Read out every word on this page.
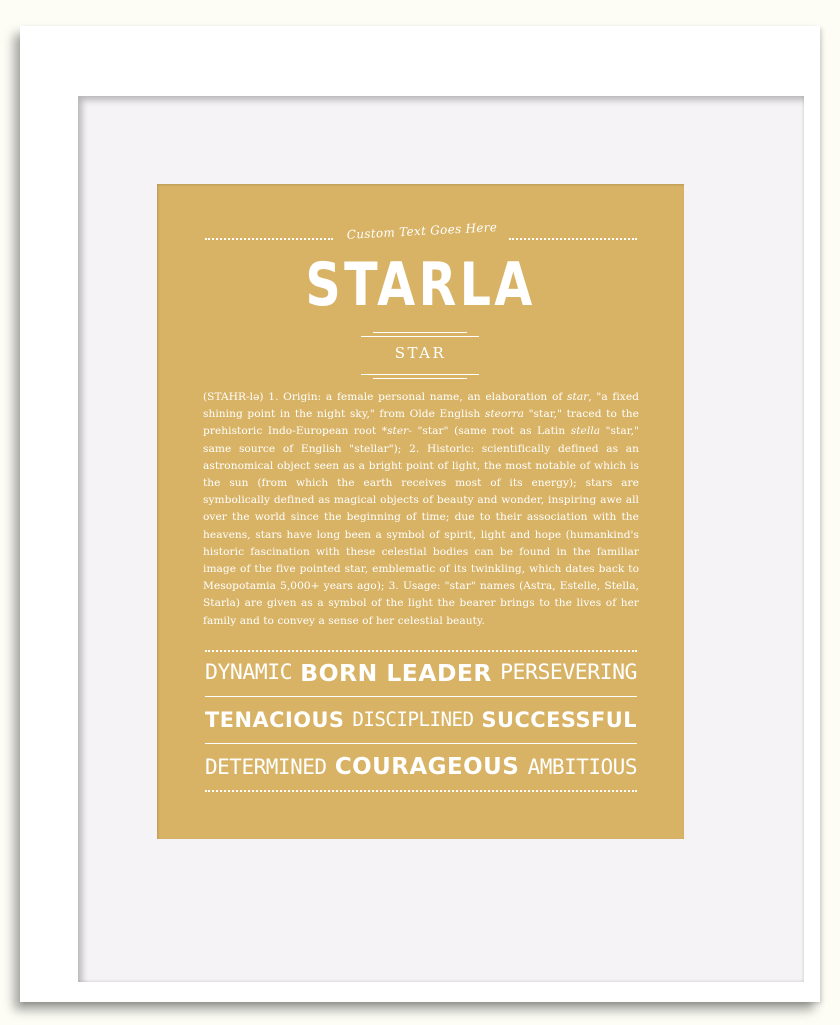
Custom Text Goes Here
STARLA
STAR
(STAHR-lə) 1. Origin: a female personal name, an elaboration of star, "a fixed shining point in the night sky," from Olde English steorra "star," traced to the prehistoric Indo-European root *ster- "star" (same root as Latin stella "star," same source of English "stellar"); 2. Historic: scientifically defined as an astronomical object seen as a bright point of light, the most notable of which is the sun (from which the earth receives most of its energy); stars are symbolically defined as magical objects of beauty and wonder, inspiring awe all over the world since the beginning of time; due to their association with the heavens, stars have long been a symbol of spirit, light and hope (humankind's historic fascination with these celestial bodies can be found in the familiar image of the five pointed star, emblematic of its twinkling, which dates back to Mesopotamia 5,000+ years ago); 3. Usage: "star" names (Astra, Estelle, Stella, Starla) are given as a symbol of the light the bearer brings to the lives of her family and to convey a sense of her celestial beauty.
DYNAMIC BORN LEADER PERSEVERING
TENACIOUS DISCIPLINED SUCCESSFUL
DETERMINED COURAGEOUS AMBITIOUS
